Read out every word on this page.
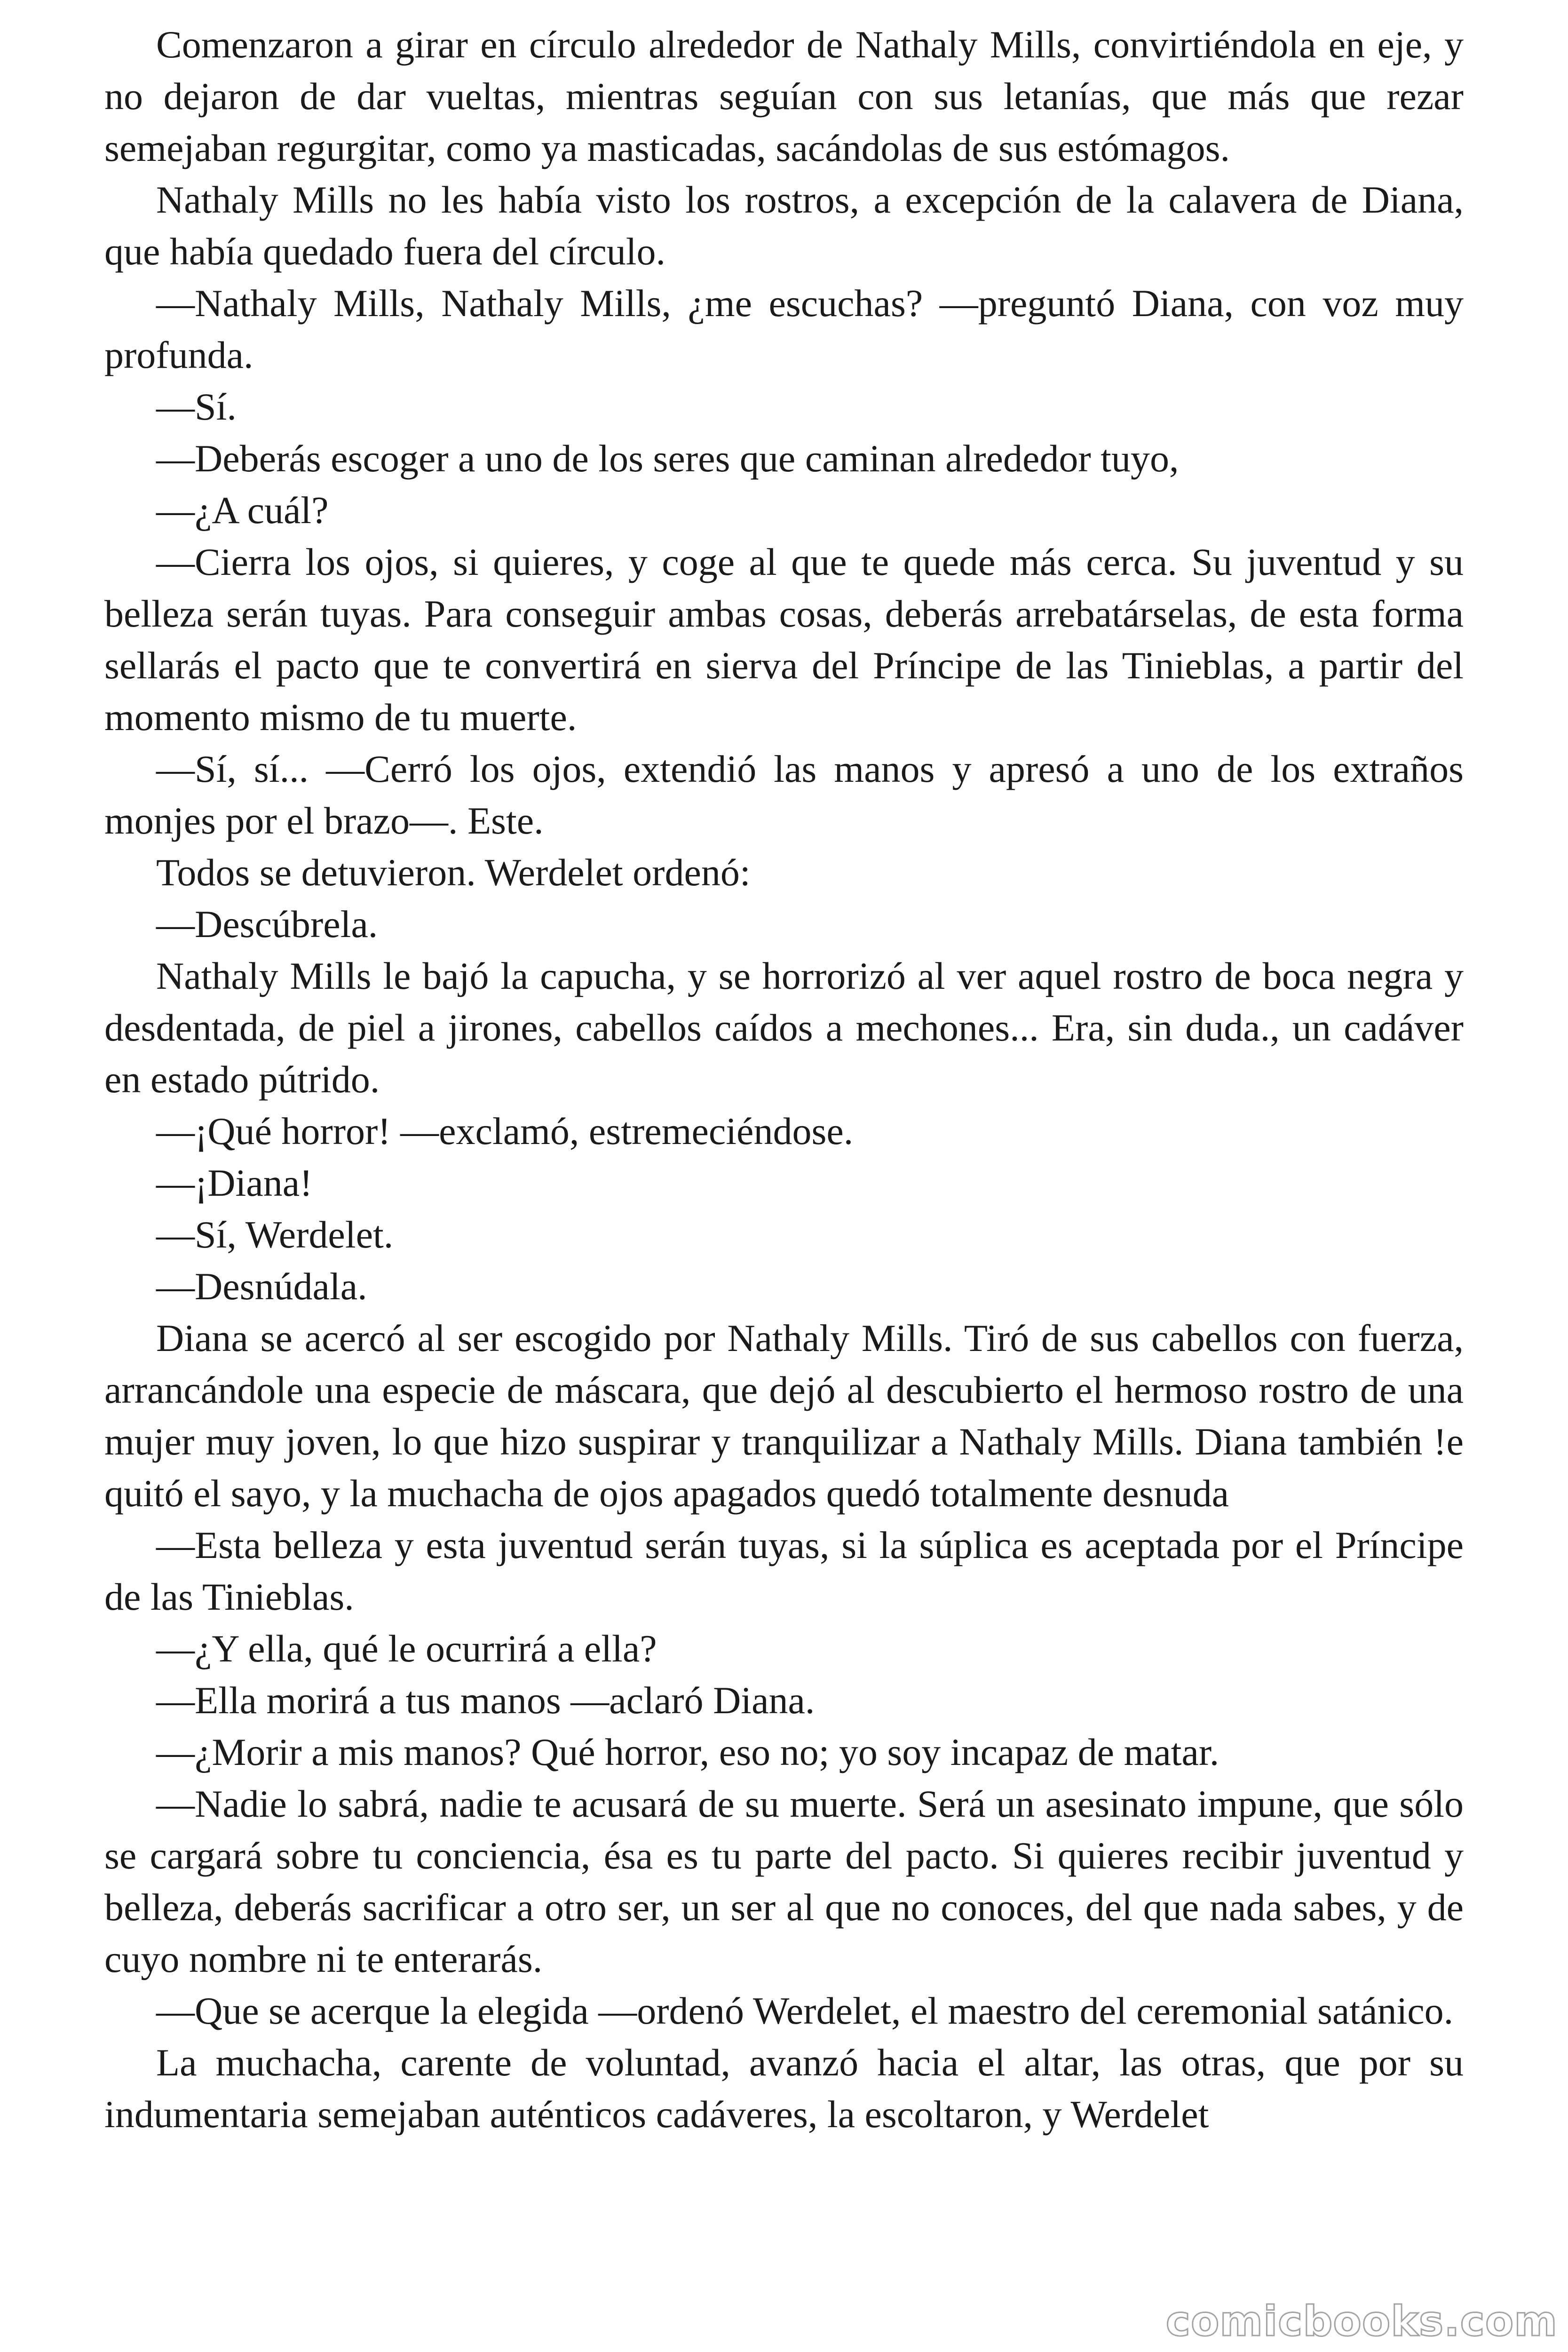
Comenzaron a girar en círculo alrededor de Nathaly Mills, convirtiéndola en eje, y no dejaron de dar vueltas, mientras seguían con sus letanías, que más que rezar semejaban regurgitar, como ya masticadas, sacándolas de sus estómagos.

Nathaly Mills no les había visto los rostros, a excepción de la calavera de Diana, que había quedado fuera del círculo.

—Nathaly Mills, Nathaly Mills, ¿me escuchas? —preguntó Diana, con voz muy profunda.

—Sí.

—Deberás escoger a uno de los seres que caminan alrededor tuyo,

—¿A cuál?

—Cierra los ojos, si quieres, y coge al que te quede más cerca. Su juventud y su belleza serán tuyas. Para conseguir ambas cosas, deberás arrebatárselas, de esta forma sellarás el pacto que te convertirá en sierva del Príncipe de las Tinieblas, a partir del momento mismo de tu muerte.

—Sí, sí... —Cerró los ojos, extendió las manos y apresó a uno de los extraños monjes por el brazo—. Este.

Todos se detuvieron. Werdelet ordenó:

—Descúbrela.

Nathaly Mills le bajó la capucha, y se horrorizó al ver aquel rostro de boca negra y desdentada, de piel a jirones, cabellos caídos a mechones... Era, sin duda., un cadáver en estado pútrido.

—¡Qué horror! —exclamó, estremeciéndose.

—¡Diana!

—Sí, Werdelet.

—Desnúdala.

Diana se acercó al ser escogido por Nathaly Mills. Tiró de sus cabellos con fuerza, arrancándole una especie de máscara, que dejó al descubierto el hermoso rostro de una mujer muy joven, lo que hizo suspirar y tranquilizar a Nathaly Mills. Diana también !e quitó el sayo, y la muchacha de ojos apagados quedó totalmente desnuda

—Esta belleza y esta juventud serán tuyas, si la súplica es aceptada por el Príncipe de las Tinieblas.

—¿Y ella, qué le ocurrirá a ella?

—Ella morirá a tus manos —aclaró Diana.

—¿Morir a mis manos? Qué horror, eso no; yo soy incapaz de matar.

—Nadie lo sabrá, nadie te acusará de su muerte. Será un asesinato impune, que sólo se cargará sobre tu conciencia, ésa es tu parte del pacto. Si quieres recibir juventud y belleza, deberás sacrificar a otro ser, un ser al que no conoces, del que nada sabes, y de cuyo nombre ni te enterarás.

—Que se acerque la elegida —ordenó Werdelet, el maestro del ceremonial satánico.

La muchacha, carente de voluntad, avanzó hacia el altar, las otras, que por su indumentaria semejaban auténticos cadáveres, la escoltaron, y Werdelet

comicbooks.com
